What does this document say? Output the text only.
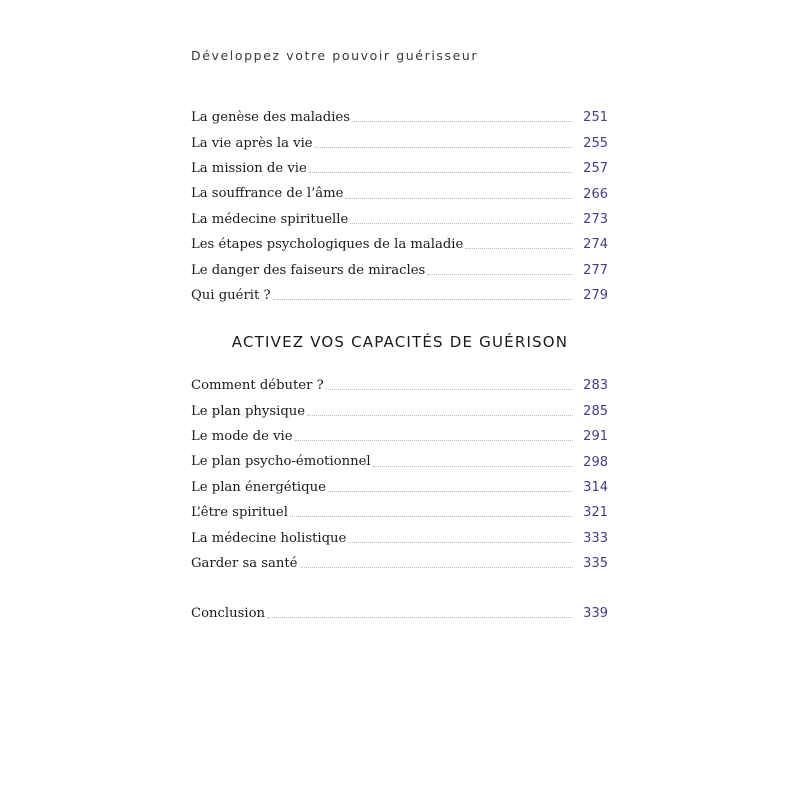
Développez votre pouvoir guérisseur
La genèse des maladies	251
La vie après la vie	255
La mission de vie	257
La souffrance de l’âme	266
La médecine spirituelle	273
Les étapes psychologiques de la maladie	274
Le danger des faiseurs de miracles	277
Qui guérit ?	279
ACTIVEZ VOS CAPACITÉS DE GUÉRISON
Comment débuter ?	283
Le plan physique	285
Le mode de vie	291
Le plan psycho-émotionnel	298
Le plan énergétique	314
L’être spirituel	321
La médecine holistique	333
Garder sa santé	335
Conclusion	339
